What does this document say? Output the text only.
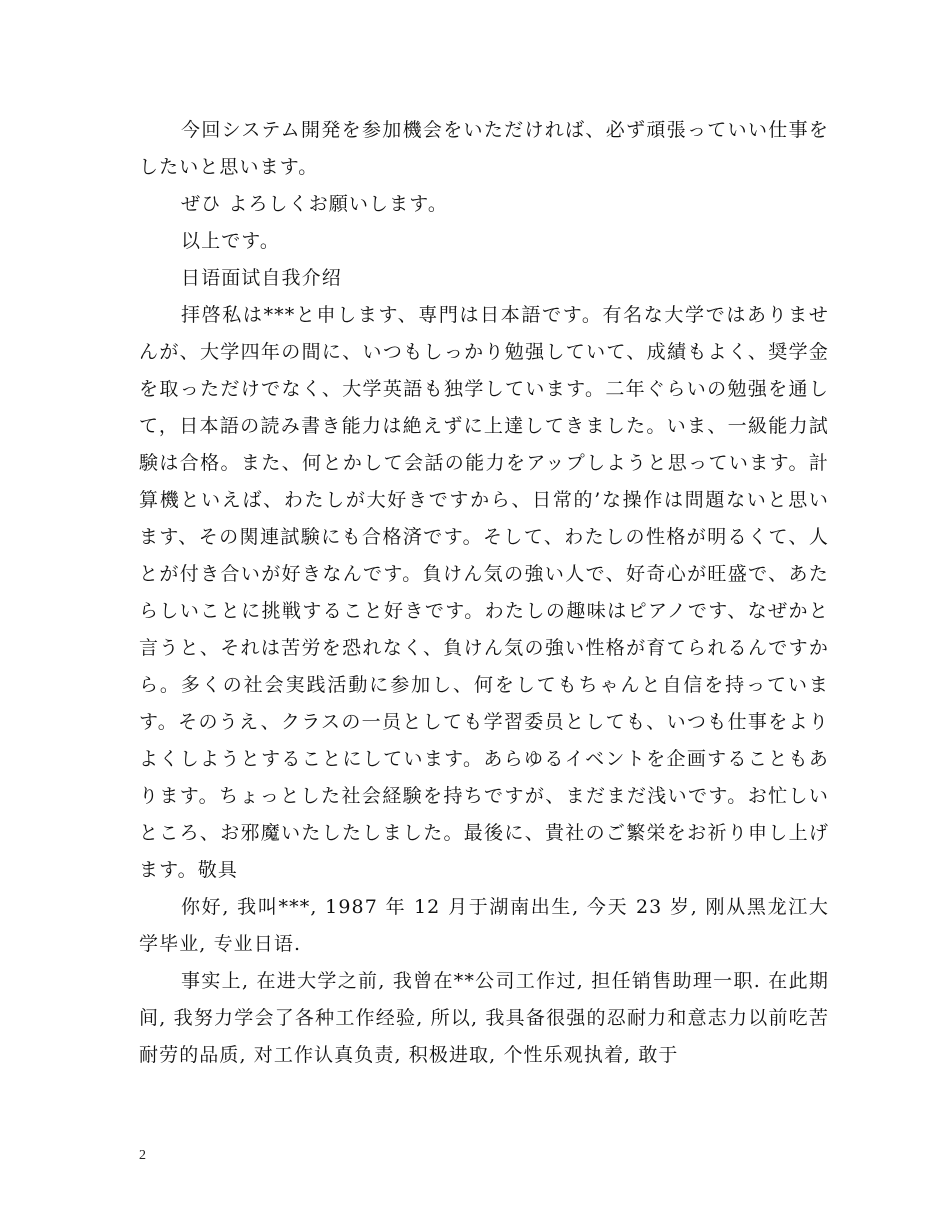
今回システム開発を参加機会をいただければ、必ず頑張っていい仕事をしたいと思います。

ぜひ よろしくお願いします。

以上です。

日语面试自我介绍

拝啓私は***と申します、専門は日本語です。有名な大学ではありませんが、大学四年の間に、いつもしっかり勉强していて、成績もよく、奨学金を取っただけでなく、大学英語も独学しています。二年ぐらいの勉强を通して，日本語の読み書き能力は絶えずに上達してきました。いま、一級能力試験は合格。また、何とかして会話の能力をアップしようと思っています。計算機といえば、わたしが大好きですから、日常的’な操作は問題ないと思います、その関連試験にも合格済です。そして、わたしの性格が明るくて、人とが付き合いが好きなんです。負けん気の強い人で、好奇心が旺盛で、あたらしいことに挑戦すること好きです。わたしの趣味はピアノです、なぜかと言うと、それは苦労を恐れなく、負けん気の強い性格が育てられるんですから。多くの社会実践活動に参加し、何をしてもちゃんと自信を持っています。そのうえ、クラスの一员としても学習委员としても、いつも仕事をよりよくしようとすることにしています。あらゆるイベントを企画することもあります。ちょっとした社会経験を持ちですが、まだまだ浅いです。お忙しいところ、お邪魔いたしたしました。最後に、貴社のご繁栄をお祈り申し上げます。敬具

你好, 我叫***, 1987 年 12 月于湖南出生, 今天 23 岁, 刚从黑龙江大学毕业, 专业日语.

事实上, 在进大学之前, 我曾在**公司工作过, 担任销售助理一职. 在此期间, 我努力学会了各种工作经验, 所以, 我具备很强的忍耐力和意志力以前吃苦耐劳的品质, 对工作认真负责, 积极进取, 个性乐观执着, 敢于

2
